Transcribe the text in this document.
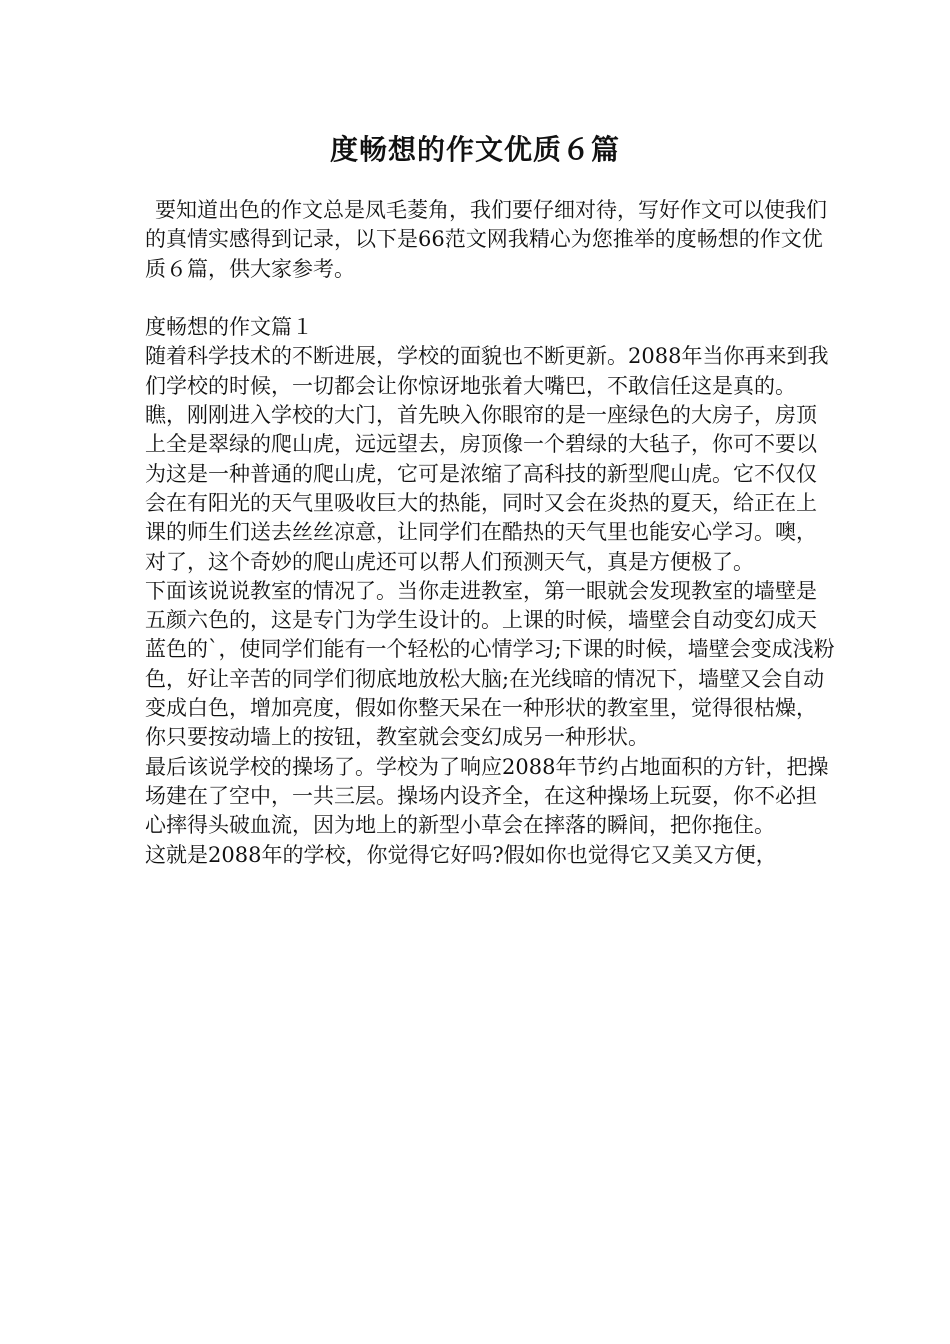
度畅想的作文优质６篇

要知道出色的作文总是凤毛菱角，我们要仔细对待，写好作文可以使我们的真情实感得到记录，以下是66范文网我精心为您推举的度畅想的作文优质６篇，供大家参考。

度畅想的作文篇１

随着科学技术的不断进展，学校的面貌也不断更新。2088年当你再来到我们学校的时候，一切都会让你惊讶地张着大嘴巴，不敢信任这是真的。

瞧，刚刚进入学校的大门，首先映入你眼帘的是一座绿色的大房子，房顶上全是翠绿的爬山虎，远远望去，房顶像一个碧绿的大毡子，你可不要以为这是一种普通的爬山虎，它可是浓缩了高科技的新型爬山虎。它不仅仅会在有阳光的天气里吸收巨大的热能，同时又会在炎热的夏天，给正在上课的师生们送去丝丝凉意，让同学们在酷热的天气里也能安心学习。噢，对了，这个奇妙的爬山虎还可以帮人们预测天气，真是方便极了。

下面该说说教室的情况了。当你走进教室，第一眼就会发现教室的墙壁是五颜六色的，这是专门为学生设计的。上课的时候，墙壁会自动变幻成天蓝色的`，使同学们能有一个轻松的心情学习;下课的时候，墙壁会变成浅粉色，好让辛苦的同学们彻底地放松大脑;在光线暗的情况下，墙壁又会自动变成白色，增加亮度，假如你整天呆在一种形状的教室里，觉得很枯燥，你只要按动墙上的按钮，教室就会变幻成另一种形状。

最后该说学校的操场了。学校为了响应2088年节约占地面积的方针，把操场建在了空中，一共三层。操场内设齐全，在这种操场上玩耍，你不必担心摔得头破血流，因为地上的新型小草会在摔落的瞬间，把你拖住。

这就是2088年的学校，你觉得它好吗?假如你也觉得它又美又方便，
